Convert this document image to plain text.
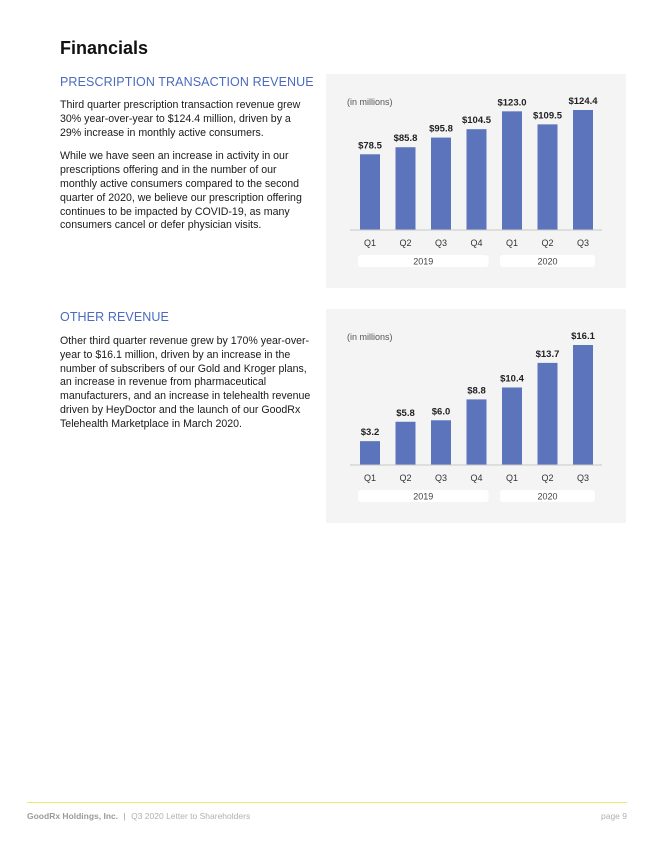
Financials
PRESCRIPTION TRANSACTION REVENUE

Third quarter prescription transaction revenue grew 30% year-over-year to $124.4 million, driven by a 29% increase in monthly active consumers.

While we have seen an increase in activity in our prescriptions offering and in the number of our monthly active consumers compared to the second quarter of 2020, we believe our prescription offering continues to be impacted by COVID-19, as many consumers cancel or defer physician visits.

(in millions)
$78.5
Q1
$85.8
Q2
$95.8
Q3
$104.5
Q4
$123.0
Q1
$109.5
Q2
$124.4
Q3
2019	2020
OTHER REVENUE

Other third quarter revenue grew by 170% year-over-year to $16.1 million, driven by an increase in the number of subscribers of our Gold and Kroger plans, an increase in revenue from pharmaceutical manufacturers, and an increase in telehealth revenue driven by HeyDoctor and the launch of our GoodRx Telehealth Marketplace in March 2020.

(in millions)
$3.2
Q1
$5.8
Q2
$6.0
Q3
$8.8
Q4
$10.4
Q1
$13.7
Q2
$16.1
Q3
2019	2020
GoodRx Holdings, Inc. | Q3 2020 Letter to Shareholders	page 9
